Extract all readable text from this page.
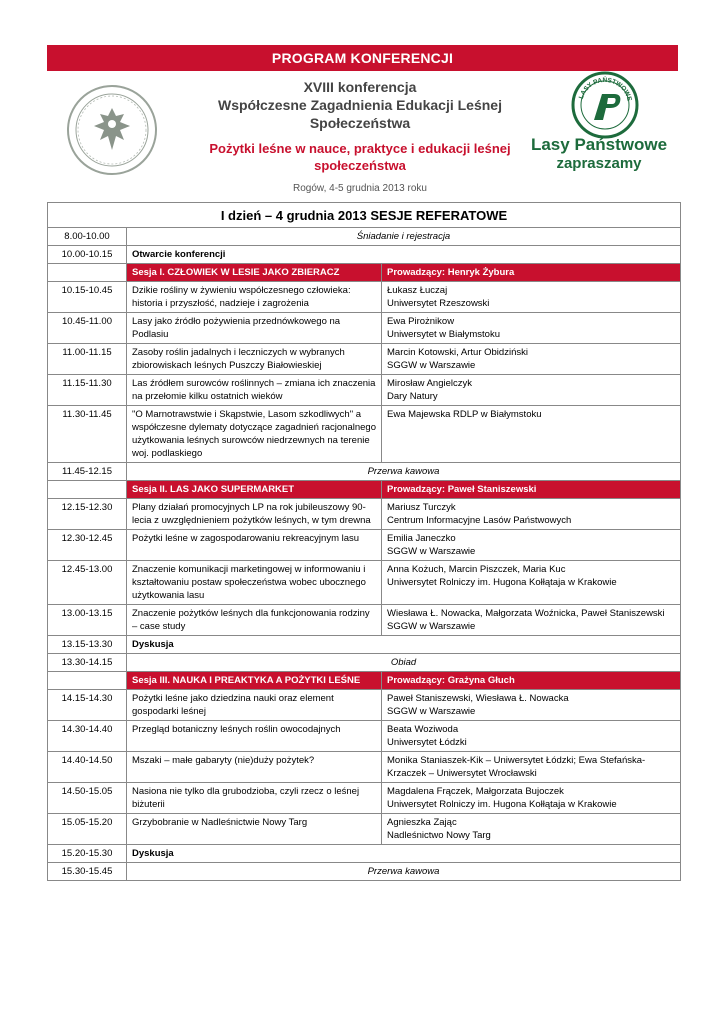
PROGRAM KONFERENCJI
XVIII konferencja
Współczesne Zagadnienia Edukacji Leśnej Społeczeństwa
Pożytki leśne w nauce, praktyce i edukacji leśnej społeczeństwa
Rogów, 4-5 grudnia 2013 roku
LASY PAŃSTWOWE
Lasy Państwowe
zapraszamy
I dzień – 4 grudnia 2013 SESJE REFERATOWE		
8.00-10.00	Śniadanie i rejestracja	
10.00-10.15	Otwarcie konferencji	
	Sesja I. CZŁOWIEK W LESIE JAKO ZBIERACZ	Prowadzący: Henryk Żybura
10.15-10.45	Dzikie rośliny w żywieniu współczesnego człowieka: historia i przyszłość, nadzieje i zagrożenia	Łukasz Łuczaj
Uniwersytet Rzeszowski

10.45-11.00	Lasy jako źródło pożywienia przednówkowego na Podlasiu	Ewa Pirożnikow
Uniwersytet w Białymstoku

11.00-11.15	Zasoby roślin jadalnych i leczniczych w wybranych zbiorowiskach leśnych Puszczy Białowieskiej	Marcin Kotowski, Artur Obidziński
SGGW w Warszawie

11.15-11.30	Las źródłem surowców roślinnych – zmiana ich znaczenia na przełomie kilku ostatnich wieków	Mirosław Angielczyk
Dary Natury

11.30-11.45	"O Marnotrawstwie i Skąpstwie, Lasom szkodliwych" a współczesne dylematy dotyczące zagadnień racjonalnego użytkowania leśnych surowców niedrzewnych na terenie woj. podlaskiego	Ewa Majewska RDLP w Białymstoku

11.45-12.15	Przerwa kawowa	
	Sesja II. LAS JAKO SUPERMARKET	Prowadzący: Paweł Staniszewski
12.15-12.30	Plany działań promocyjnych LP na rok jubileuszowy 90-lecia z uwzględnieniem pożytków leśnych, w tym drewna	Mariusz Turczyk
Centrum Informacyjne Lasów Państwowych

12.30-12.45	Pożytki leśne w zagospodarowaniu rekreacyjnym lasu	Emilia Janeczko
SGGW w Warszawie

12.45-13.00	Znaczenie komunikacji marketingowej w informowaniu i kształtowaniu postaw społeczeństwa wobec ubocznego użytkowania lasu	Anna Kożuch, Marcin Piszczek, Maria Kuc
Uniwersytet Rolniczy im. Hugona Kołłątaja w Krakowie

13.00-13.15	Znaczenie pożytków leśnych dla funkcjonowania rodziny – case study	Wiesława Ł. Nowacka, Małgorzata Woźnicka, Paweł Staniszewski
SGGW w Warszawie

13.15-13.30	Dyskusja	
13.30-14.15	Obiad	
	Sesja III. NAUKA I PREAKTYKA A POŻYTKI LEŚNE	Prowadzący: Grażyna Głuch
14.15-14.30	Pożytki leśne jako dziedzina nauki oraz element gospodarki leśnej	Paweł Staniszewski, Wiesława Ł. Nowacka
SGGW w Warszawie

14.30-14.40	Przegląd botaniczny leśnych roślin owocodajnych	Beata Woziwoda
Uniwersytet Łódzki

14.40-14.50	Mszaki – małe gabaryty (nie)duży pożytek?	Monika Staniaszek-Kik – Uniwersytet Łódzki; Ewa Stefańska-Krzaczek – Uniwersytet Wrocławski

14.50-15.05	Nasiona nie tylko dla grubodzioba, czyli rzecz o leśnej biżuterii	Magdalena Frączek, Małgorzata Bujoczek
Uniwersytet Rolniczy im. Hugona Kołłątaja w Krakowie

15.05-15.20	Grzybobranie w Nadleśnictwie Nowy Targ	Agnieszka Zając
Nadleśnictwo Nowy Targ

15.20-15.30	Dyskusja	
15.30-15.45	Przerwa kawowa	
